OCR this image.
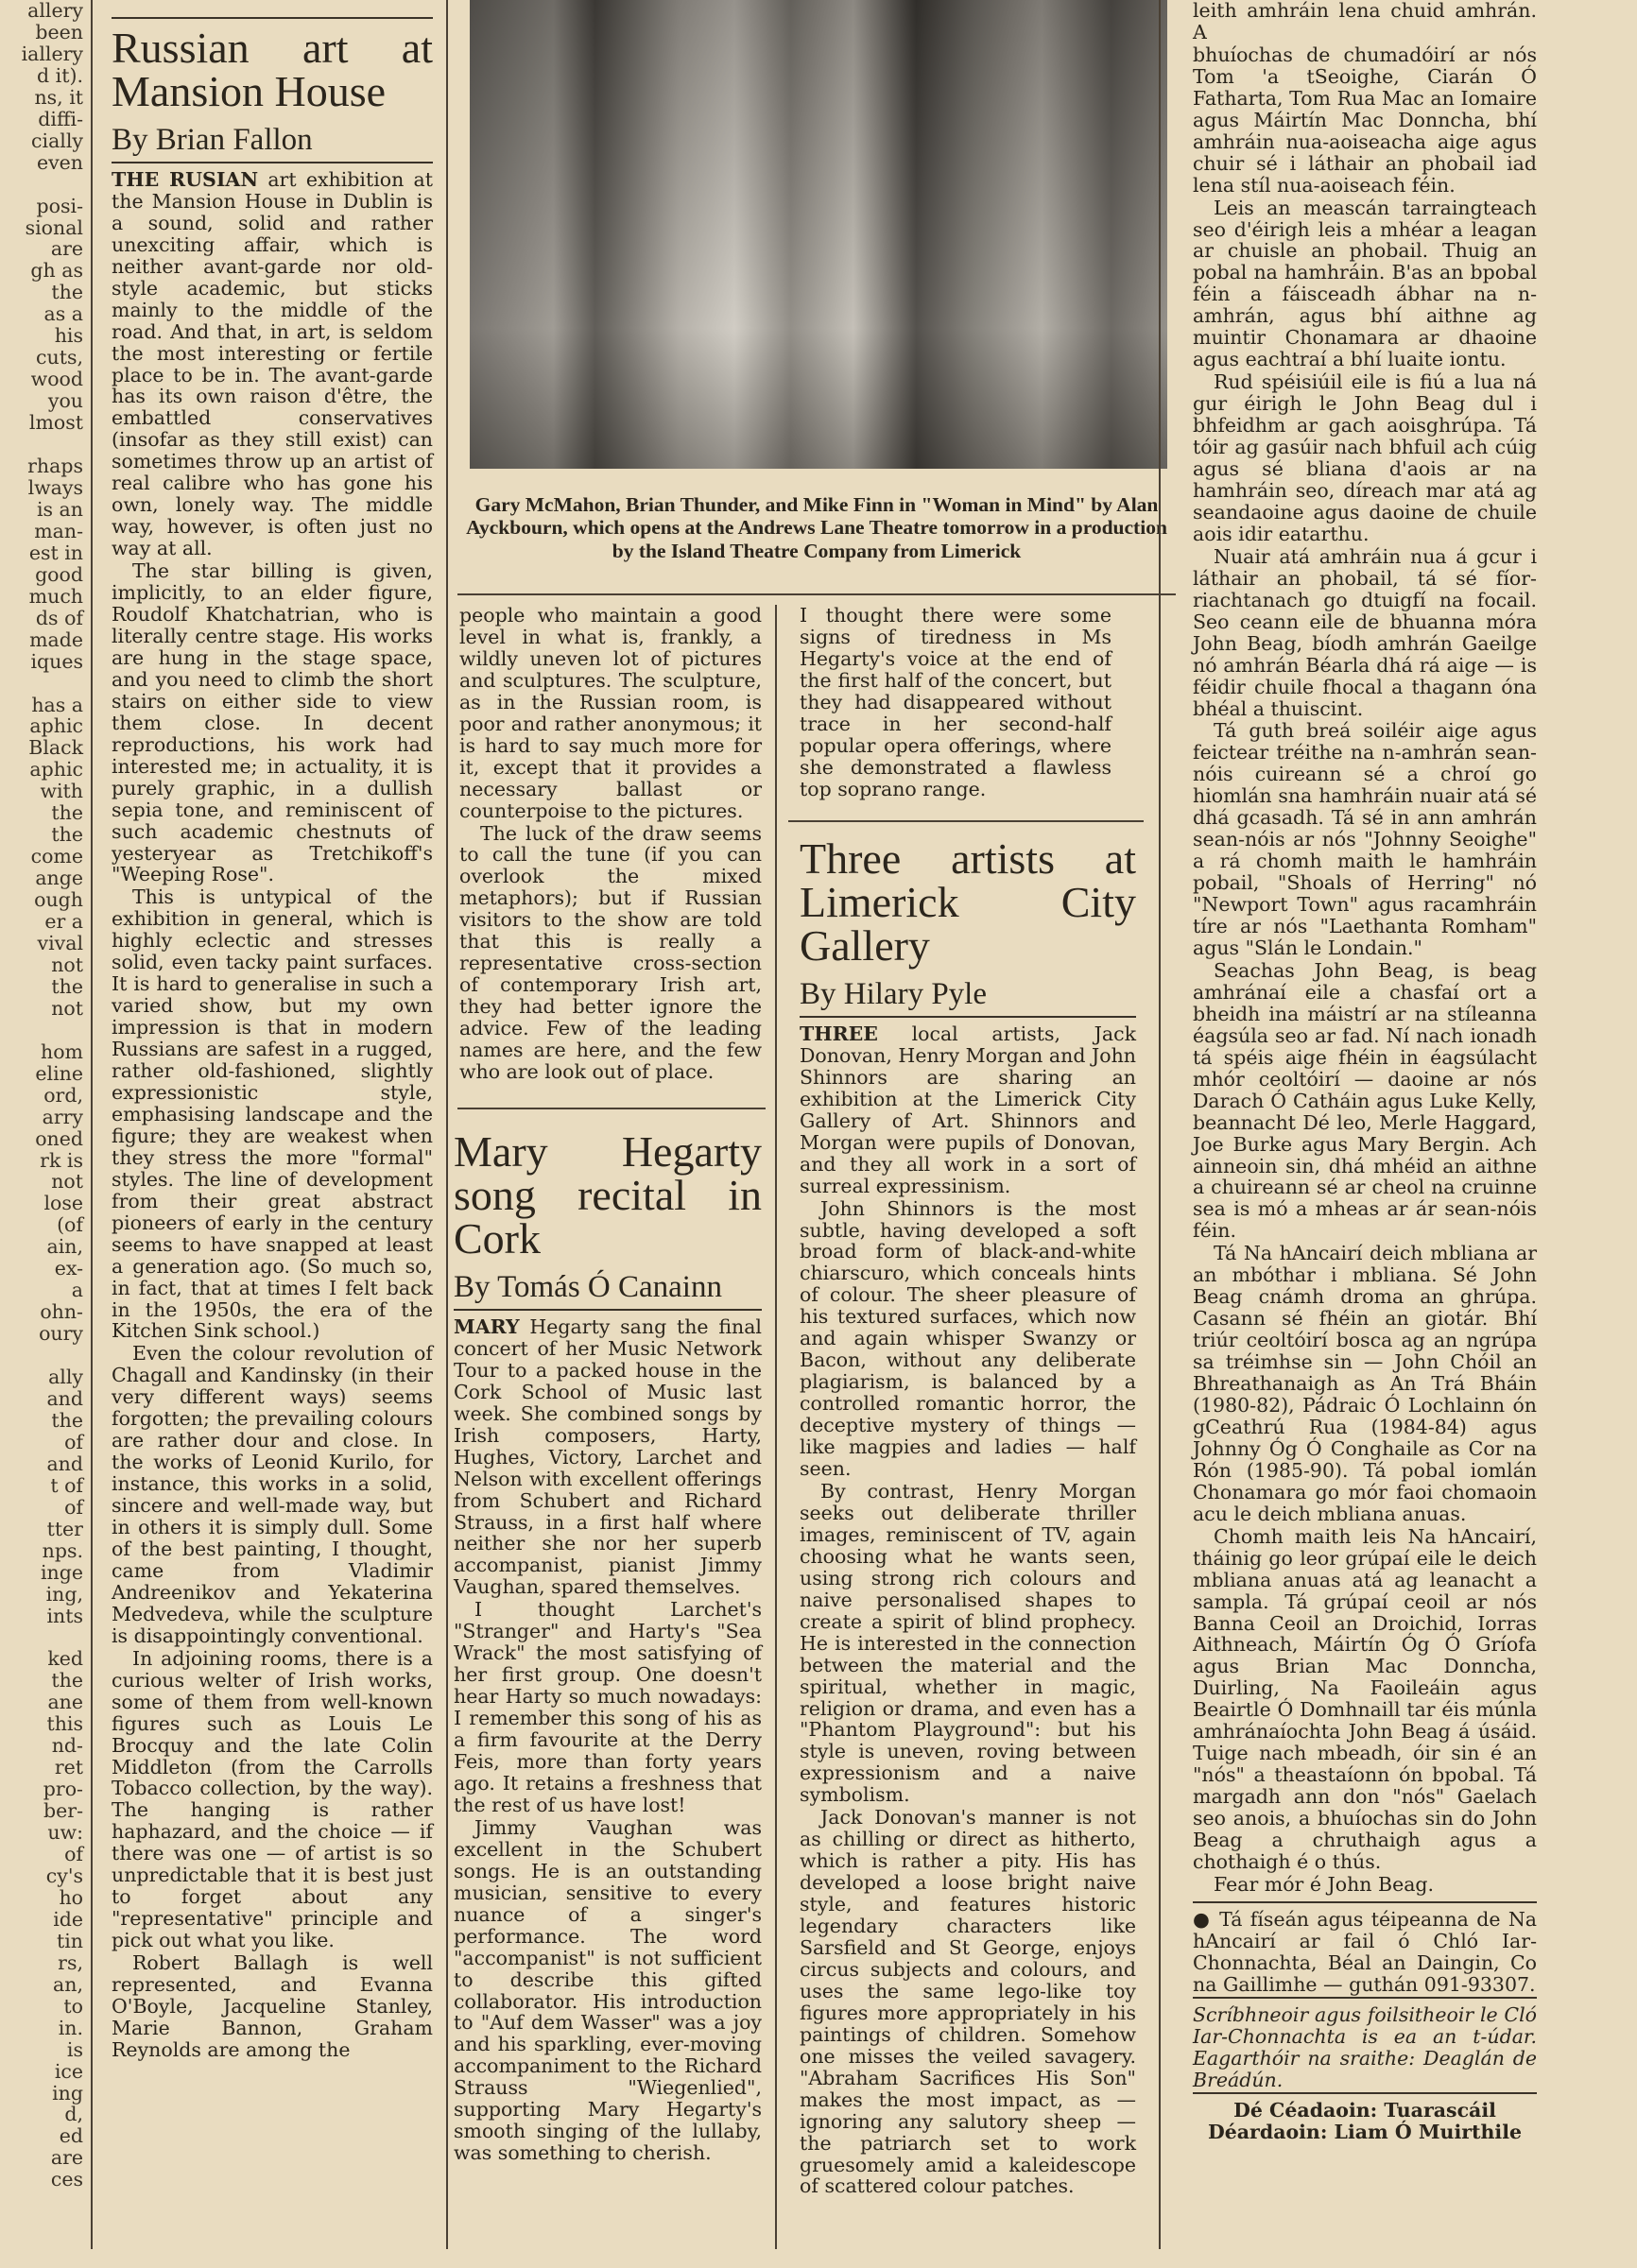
allery
been
iallery
d it).
ns, it
diffi-
cially
even

posi-
sional
are
gh as
the
as a
his
cuts,
wood
you
lmost

rhaps
lways
is an
man-
est in
good
much
ds of
made
iques

has a
aphic
Black
aphic
with
the
the
come
ange
ough
er a
vival
not
the
not

hom
eline
ord,
arry
oned
rk is
not
lose
(of
ain,
ex-
a
ohn-
oury

ally
and
the
of
and
t of
of
tter
nps.
inge
ing,
ints

ked
the
ane
this
nd-
ret
pro-
ber-
uw:
of
cy's
ho
ide
tin
rs,
an,
to
in.
is
ice
ing
d,
ed
are
ces
Russian art at Mansion House
By Brian Fallon

THE RUSIAN art exhibition at the Mansion House in Dublin is a sound, solid and rather unexciting affair, which is neither avant-garde nor old-style academic, but sticks mainly to the middle of the road. And that, in art, is seldom the most interesting or fertile place to be in. The avant-garde has its own raison d'être, the embattled conservatives (insofar as they still exist) can sometimes throw up an artist of real calibre who has gone his own, lonely way. The middle way, however, is often just no way at all.

The star billing is given, implicitly, to an elder figure, Roudolf Khatchatrian, who is literally centre stage. His works are hung in the stage space, and you need to climb the short stairs on either side to view them close. In decent reproductions, his work had interested me; in actuality, it is purely graphic, in a dullish sepia tone, and reminiscent of such academic chestnuts of yesteryear as Tretchikoff's "Weeping Rose".

This is untypical of the exhibition in general, which is highly eclectic and stresses solid, even tacky paint surfaces. It is hard to generalise in such a varied show, but my own impression is that in modern Russians are safest in a rugged, rather old-fashioned, slightly expressionistic style, emphasising landscape and the figure; they are weakest when they stress the more "formal" styles. The line of development from their great abstract pioneers of early in the century seems to have snapped at least a generation ago. (So much so, in fact, that at times I felt back in the 1950s, the era of the Kitchen Sink school.)

Even the colour revolution of Chagall and Kandinsky (in their very different ways) seems forgotten; the prevailing colours are rather dour and close. In the works of Leonid Kurilo, for instance, this works in a solid, sincere and well-made way, but in others it is simply dull. Some of the best painting, I thought, came from Vladimir Andreenikov and Yekaterina Medvedeva, while the sculpture is disappointingly conventional.

In adjoining rooms, there is a curious welter of Irish works, some of them from well-known figures such as Louis Le Brocquy and the late Colin Middleton (from the Carrolls Tobacco collection, by the way). The hanging is rather haphazard, and the choice — if there was one — of artist is so unpredictable that it is best just to forget about any "representative" principle and pick out what you like.

Robert Ballagh is well represented, and Evanna O'Boyle, Jacqueline Stanley, Marie Bannon, Graham Reynolds are among the

Gary McMahon, Brian Thunder, and Mike Finn in "Woman in Mind" by Alan Ayckbourn, which opens at the Andrews Lane Theatre tomorrow in a production by the Island Theatre Company from Limerick

people who maintain a good level in what is, frankly, a wildly uneven lot of pictures and sculptures. The sculpture, as in the Russian room, is poor and rather anonymous; it is hard to say much more for it, except that it provides a necessary ballast or counterpoise to the pictures.

The luck of the draw seems to call the tune (if you can overlook the mixed metaphors); but if Russian visitors to the show are told that this is really a representative cross-section of contemporary Irish art, they had better ignore the advice. Few of the leading names are here, and the few who are look out of place.

Mary Hegarty song recital in Cork
By Tomás Ó Canainn

MARY Hegarty sang the final concert of her Music Network Tour to a packed house in the Cork School of Music last week. She combined songs by Irish composers, Harty, Hughes, Victory, Larchet and Nelson with excellent offerings from Schubert and Richard Strauss, in a first half where neither she nor her superb accompanist, pianist Jimmy Vaughan, spared themselves.

I thought Larchet's "Stranger" and Harty's "Sea Wrack" the most satisfying of her first group. One doesn't hear Harty so much nowadays: I remember this song of his as a firm favourite at the Derry Feis, more than forty years ago. It retains a freshness that the rest of us have lost!

Jimmy Vaughan was excellent in the Schubert songs. He is an outstanding musician, sensitive to every nuance of a singer's performance. The word "accompanist" is not sufficient to describe this gifted collaborator. His introduction to "Auf dem Wasser" was a joy and his sparkling, ever-moving accompaniment to the Richard Strauss "Wiegenlied", supporting Mary Hegarty's smooth singing of the lullaby, was something to cherish.

I thought there were some signs of tiredness in Ms Hegarty's voice at the end of the first half of the concert, but they had disappeared without trace in her second-half popular opera offerings, where she demonstrated a flawless top soprano range.

Three artists at Limerick City Gallery
By Hilary Pyle

THREE local artists, Jack Donovan, Henry Morgan and John Shinnors are sharing an exhibition at the Limerick City Gallery of Art. Shinnors and Morgan were pupils of Donovan, and they all work in a sort of surreal expressinism.

John Shinnors is the most subtle, having developed a soft broad form of black-and-white chiarscuro, which conceals hints of colour. The sheer pleasure of his textured surfaces, which now and again whisper Swanzy or Bacon, without any deliberate plagiarism, is balanced by a controlled romantic horror, the deceptive mystery of things — like magpies and ladies — half seen.

By contrast, Henry Morgan seeks out deliberate thriller images, reminiscent of TV, again choosing what he wants seen, using strong rich colours and naive personalised shapes to create a spirit of blind prophecy. He is interested in the connection between the material and the spiritual, whether in magic, religion or drama, and even has a "Phantom Playground": but his style is uneven, roving between expressionism and a naive symbolism.

Jack Donovan's manner is not as chilling or direct as hitherto, which is rather a pity. His has developed a loose bright naive style, and features historic legendary characters like Sarsfield and St George, enjoys circus subjects and colours, and uses the same lego-like toy figures more appropriately in his paintings of children. Somehow one misses the veiled savagery. "Abraham Sacrifices His Son" makes the most impact, as — ignoring any salutory sheep — the patriarch set to work gruesomely amid a kaleidescope of scattered colour patches.

leith amhráin lena chuid amhrán. A

bhuíochas de chumadóirí ar nós Tom 'a tSeoighe, Ciarán Ó Fatharta, Tom Rua Mac an Iomaire agus Máirtín Mac Donncha, bhí amhráin nua-aoiseacha aige agus chuir sé i láthair an phobail iad lena stíl nua-aoiseach féin.

Leis an meascán tarraingteach seo d'éirigh leis a mhéar a leagan ar chuisle an phobail. Thuig an pobal na hamhráin. B'as an bpobal féin a fáisceadh ábhar na n-amhrán, agus bhí aithne ag muintir Chonamara ar dhaoine agus eachtraí a bhí luaite iontu.

Rud spéisiúil eile is fiú a lua ná gur éirigh le John Beag dul i bhfeidhm ar gach aoisghrúpa. Tá tóir ag gasúir nach bhfuil ach cúig agus sé bliana d'aois ar na hamhráin seo, díreach mar atá ag seandaoine agus daoine de chuile aois idir eatarthu.

Nuair atá amhráin nua á gcur i láthair an phobail, tá sé fíor-riachtanach go dtuigfí na focail. Seo ceann eile de bhuanna móra John Beag, bíodh amhrán Gaeilge nó amhrán Béarla dhá rá aige — is féidir chuile fhocal a thagann óna bhéal a thuiscint.

Tá guth breá soiléir aige agus feictear tréithe na n-amhrán sean-nóis cuireann sé a chroí go hiomlán sna hamhráin nuair atá sé dhá gcasadh. Tá sé in ann amhrán sean-nóis ar nós "Johnny Seoighe" a rá chomh maith le hamhráin pobail, "Shoals of Herring" nó "Newport Town" agus racamhráin tíre ar nós "Laethanta Romham" agus "Slán le Londain."

Seachas John Beag, is beag amhránaí eile a chasfaí ort a bheidh ina máistrí ar na stíleanna éagsúla seo ar fad. Ní nach ionadh tá spéis aige fhéin in éagsúlacht mhór ceoltóirí — daoine ar nós Darach Ó Catháin agus Luke Kelly, beannacht Dé leo, Merle Haggard, Joe Burke agus Mary Bergin. Ach ainneoin sin, dhá mhéid an aithne a chuireann sé ar cheol na cruinne sea is mó a mheas ar ár sean-nóis féin.

Tá Na hAncairí deich mbliana ar an mbóthar i mbliana. Sé John Beag cnámh droma an ghrúpa. Casann sé fhéin an giotár. Bhí triúr ceoltóirí bosca ag an ngrúpa sa tréimhse sin — John Chóil an Bhreathanaigh as An Trá Bháin (1980-82), Pádraic Ó Lochlainn ón gCeathrú Rua (1984-84) agus Johnny Óg Ó Conghaile as Cor na Rón (1985-90). Tá pobal iomlán Chonamara go mór faoi chomaoin acu le deich mbliana anuas.

Chomh maith leis Na hAncairí, tháinig go leor grúpaí eile le deich mbliana anuas atá ag leanacht a sampla. Tá grúpaí ceoil ar nós Banna Ceoil an Droichid, Iorras Aithneach, Máirtín Óg Ó Gríofa agus Brian Mac Donncha, Duirling, Na Faoileáin agus Beairtle Ó Domhnaill tar éis múnla amhránaíochta John Beag á úsáid. Tuige nach mbeadh, óir sin é an "nós" a theastaíonn ón bpobal. Tá margadh ann don "nós" Gaelach seo anois, a bhuíochas sin do John Beag a chruthaigh agus a chothaigh é o thús.

Fear mór é John Beag.

● Tá físeán agus téipeanna de Na hAncairí ar fail ó Chló Iar-Chonnachta, Béal an Daingin, Co na Gaillimhe — guthán 091-93307.

Scríbhneoir agus foilsitheoir le Cló Iar-Chonnachta is ea an t-údar. Eagarthóir na sraithe: Deaglán de Breádún.

Dé Céadaoin: Tuarascáil
Déardaoin: Liam Ó Muirthile
